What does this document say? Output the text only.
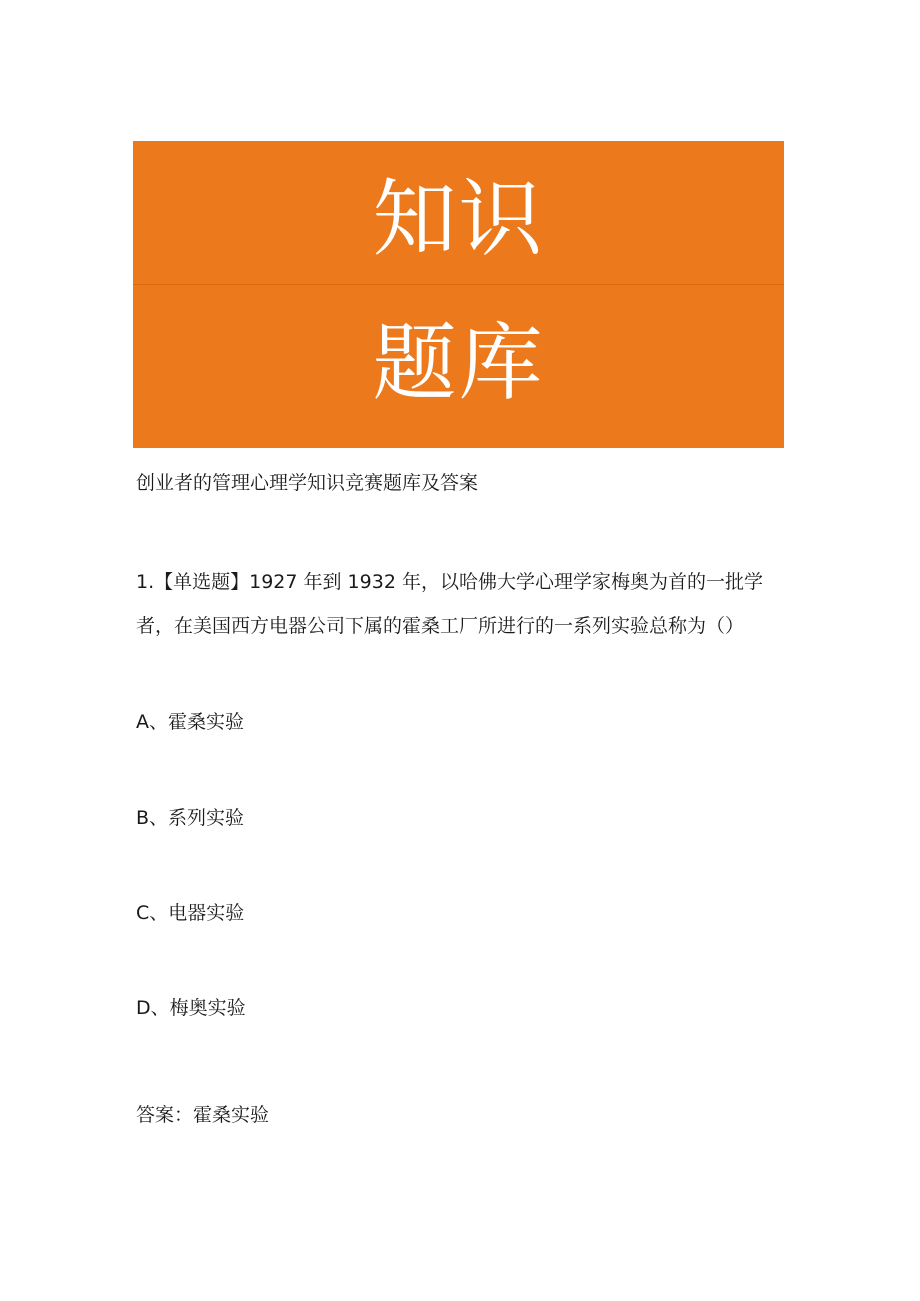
知识
题库
创业者的管理心理学知识竞赛题库及答案

1.【单选题】1927 年到 1932 年，以哈佛大学心理学家梅奥为首的一批学

者，在美国西方电器公司下属的霍桑工厂所进行的一系列实验总称为（）

A、霍桑实验
B、系列实验
C、电器实验
D、梅奥实验
答案：霍桑实验
